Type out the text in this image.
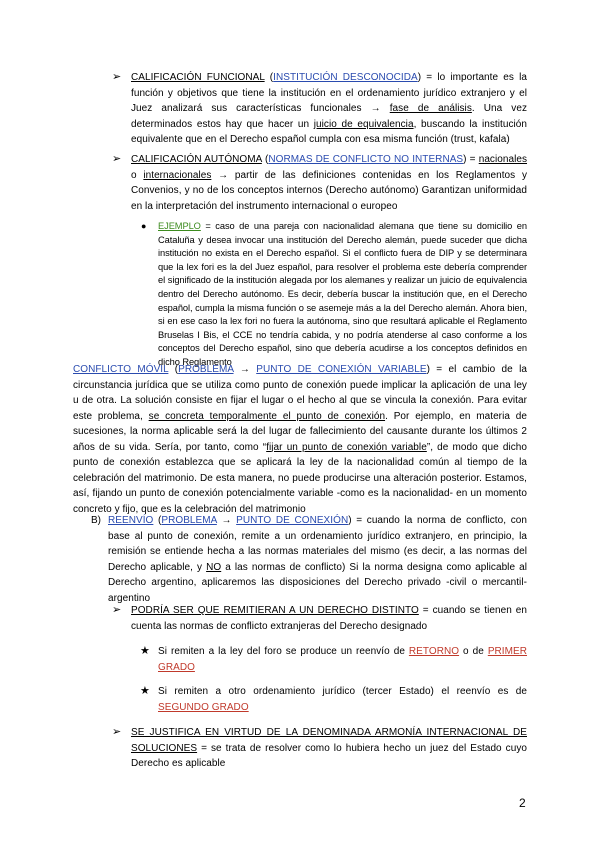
➢ CALIFICACIÓN FUNCIONAL (INSTITUCIÓN DESCONOCIDA) = lo importante es la función y objetivos que tiene la institución en el ordenamiento jurídico extranjero y el Juez analizará sus características funcionales → fase de análisis. Una vez determinados estos hay que hacer un juicio de equivalencia, buscando la institución equivalente que en el Derecho español cumpla con esa misma función (trust, kafala)
➢ CALIFICACIÓN AUTÓNOMA (NORMAS DE CONFLICTO NO INTERNAS) = nacionales o internacionales → partir de las definiciones contenidas en los Reglamentos y Convenios, y no de los conceptos internos (Derecho autónomo) Garantizan uniformidad en la interpretación del instrumento internacional o europeo
● EJEMPLO = caso de una pareja con nacionalidad alemana que tiene su domicilio en Cataluña y desea invocar una institución del Derecho alemán, puede suceder que dicha institución no exista en el Derecho español. Si el conflicto fuera de DIP y se determinara que la lex fori es la del Juez español, para resolver el problema este debería comprender el significado de la institución alegada por los alemanes y realizar un juicio de equivalencia dentro del Derecho autónomo. Es decir, debería buscar la institución que, en el Derecho español, cumpla la misma función o se asemeje más a la del Derecho alemán. Ahora bien, si en ese caso la lex fori no fuera la autónoma, sino que resultará aplicable el Reglamento Bruselas I Bis, el CCE no tendría cabida, y no podría atenderse al caso conforme a los conceptos del Derecho español, sino que debería acudirse a los conceptos definidos en dicho Reglamento
CONFLICTO MÓVIL (PROBLEMA → PUNTO DE CONEXIÓN VARIABLE) = el cambio de la circunstancia jurídica que se utiliza como punto de conexión puede implicar la aplicación de una ley u de otra. La solución consiste en fijar el lugar o el hecho al que se vincula la conexión. Para evitar este problema, se concreta temporalmente el punto de conexión. Por ejemplo, en materia de sucesiones, la norma aplicable será la del lugar de fallecimiento del causante durante los últimos 2 años de su vida. Sería, por tanto, como “fijar un punto de conexión variable”, de modo que dicho punto de conexión establezca que se aplicará la ley de la nacionalidad común al tiempo de la celebración del matrimonio. De esta manera, no puede producirse una alteración posterior. Estamos, así, fijando un punto de conexión potencialmente variable -como es la nacionalidad- en un momento concreto y fijo, que es la celebración del matrimonio
B) REENVÍO (PROBLEMA → PUNTO DE CONEXIÓN) = cuando la norma de conflicto, con base al punto de conexión, remite a un ordenamiento jurídico extranjero, en principio, la remisión se entiende hecha a las normas materiales del mismo (es decir, a las normas del Derecho aplicable, y NO a las normas de conflicto) Si la norma designa como aplicable al Derecho argentino, aplicaremos las disposiciones del Derecho privado -civil o mercantil- argentino
➢ PODRÍA SER QUE REMITIERAN A UN DERECHO DISTINTO = cuando se tienen en cuenta las normas de conflicto extranjeras del Derecho designado
★ Si remiten a la ley del foro se produce un reenvío de RETORNO o de PRIMER GRADO
★ Si remiten a otro ordenamiento jurídico (tercer Estado) el reenvío es de SEGUNDO GRADO
➢ SE JUSTIFICA EN VIRTUD DE LA DENOMINADA ARMONÍA INTERNACIONAL DE SOLUCIONES = se trata de resolver como lo hubiera hecho un juez del Estado cuyo Derecho es aplicable
2
